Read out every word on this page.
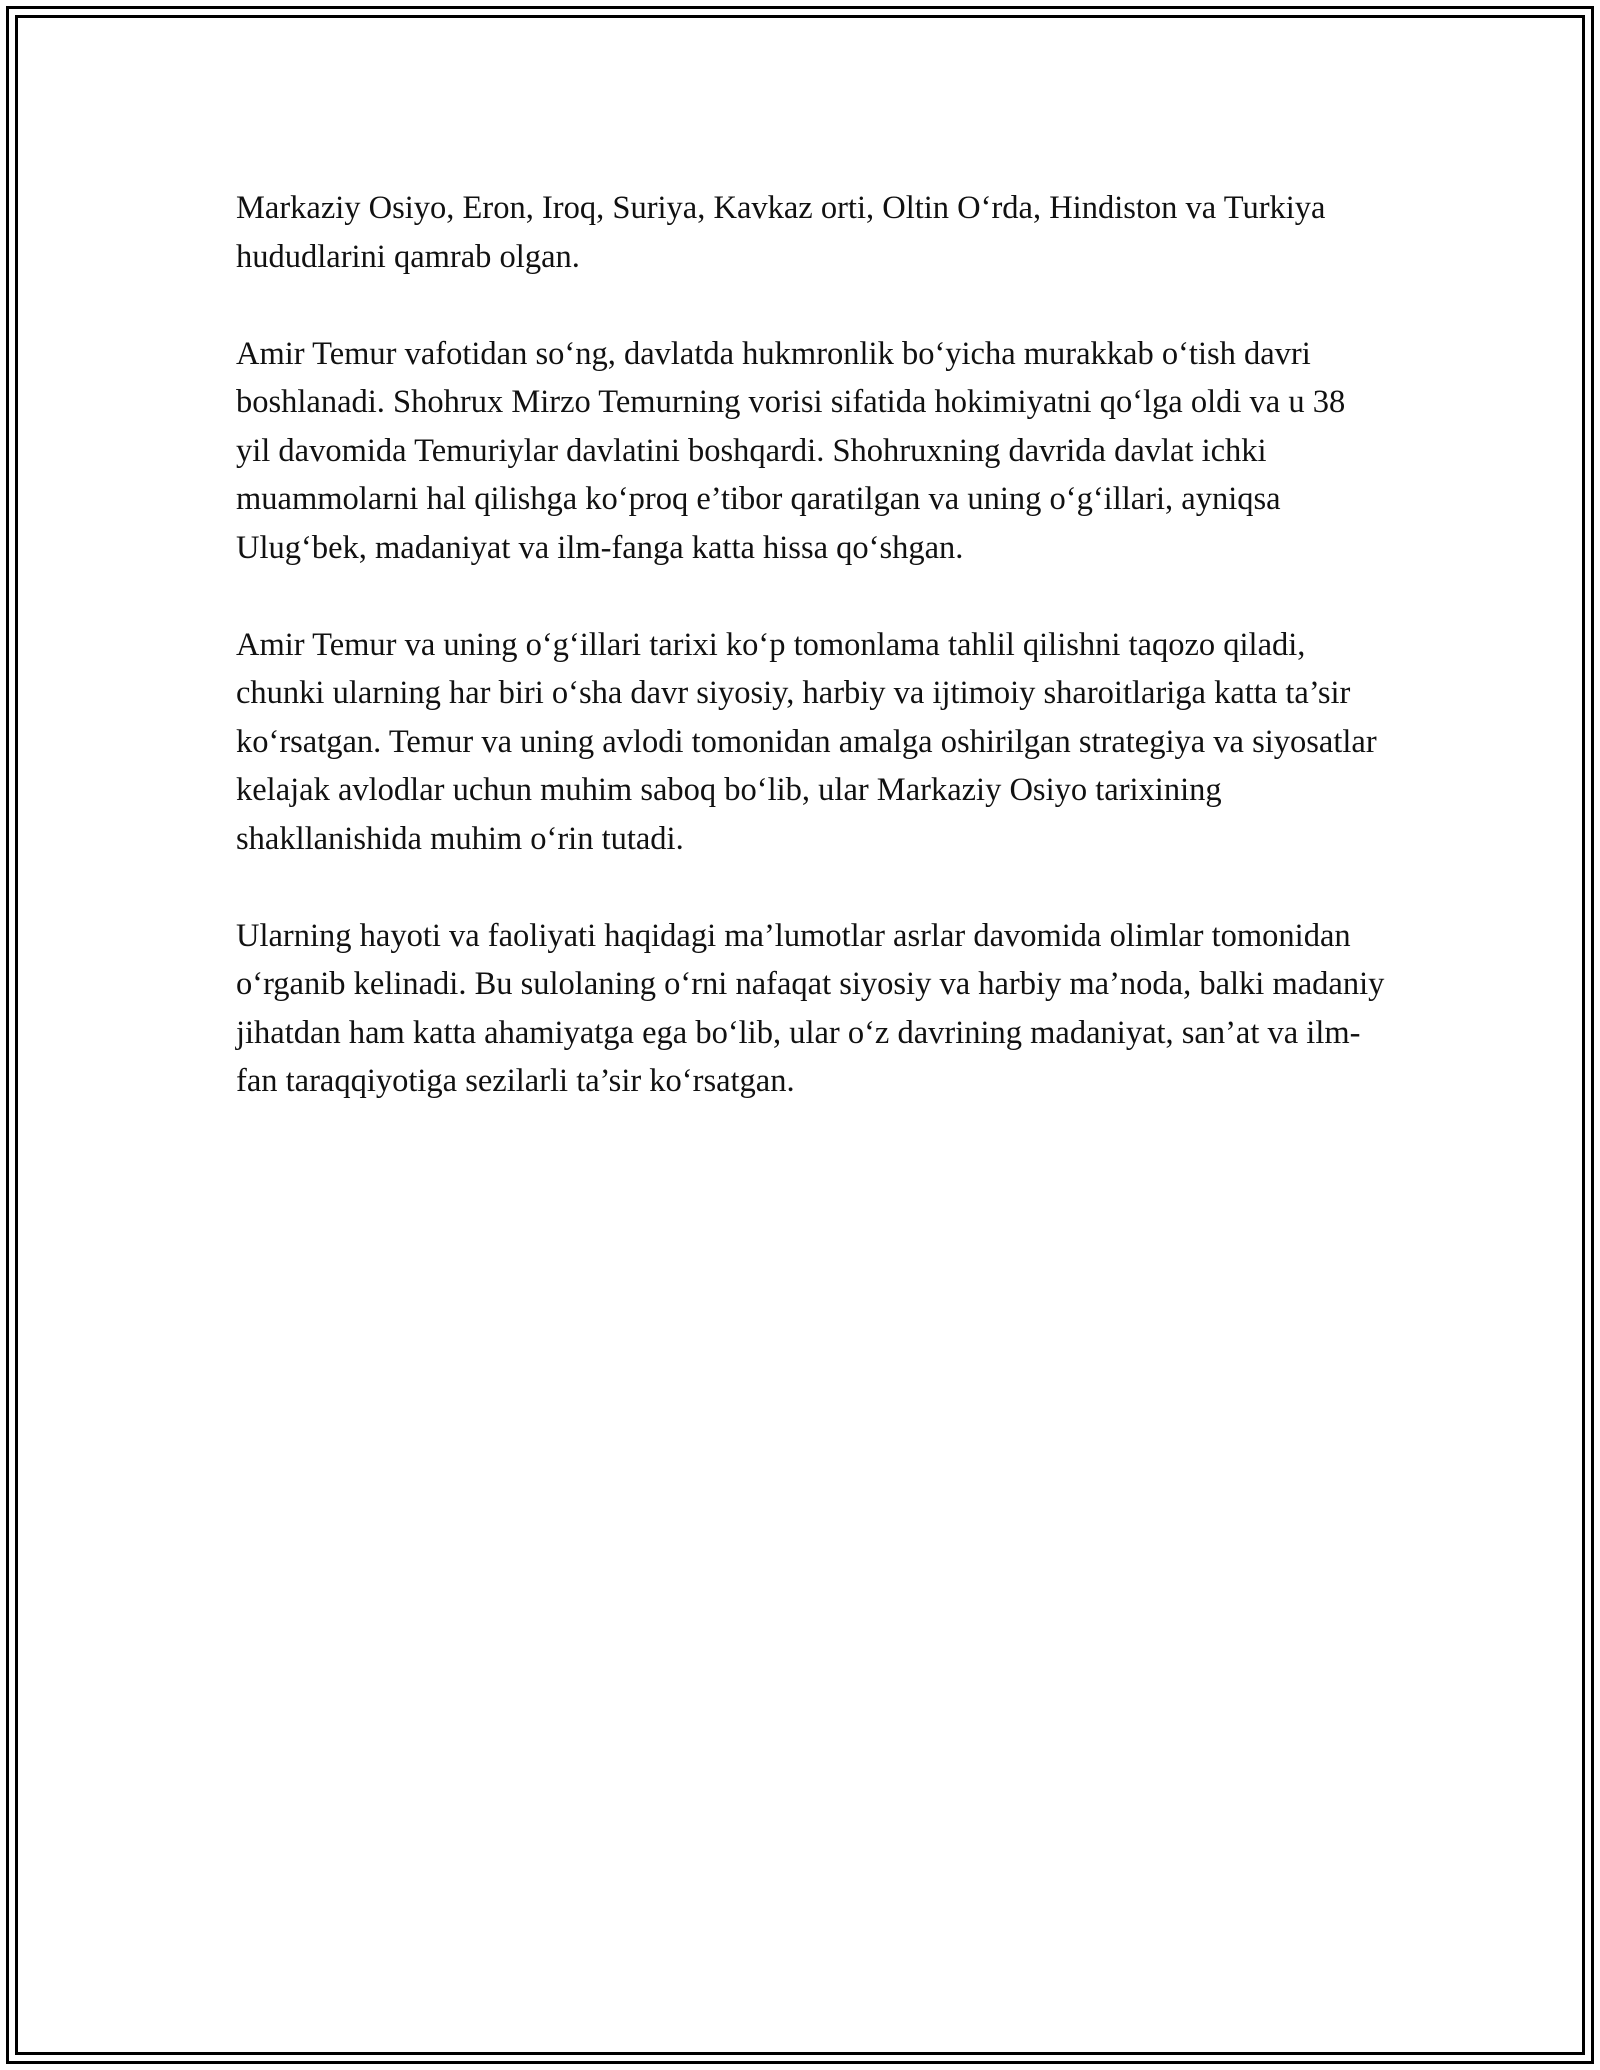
Markaziy Osiyo, Eron, Iroq, Suriya, Kavkaz orti, Oltin O‘rda, Hindiston va Turkiya hududlarini qamrab olgan.

Amir Temur vafotidan so‘ng, davlatda hukmronlik bo‘yicha murakkab o‘tish davri boshlanadi. Shohrux Mirzo Temurning vorisi sifatida hokimiyatni qo‘lga oldi va u 38 yil davomida Temuriylar davlatini boshqardi. Shohruxning davrida davlat ichki muammolarni hal qilishga ko‘proq e’tibor qaratilgan va uning o‘g‘illari, ayniqsa Ulug‘bek, madaniyat va ilm-fanga katta hissa qo‘shgan.

Amir Temur va uning o‘g‘illari tarixi ko‘p tomonlama tahlil qilishni taqozo qiladi, chunki ularning har biri o‘sha davr siyosiy, harbiy va ijtimoiy sharoitlariga katta ta’sir ko‘rsatgan. Temur va uning avlodi tomonidan amalga oshirilgan strategiya va siyosatlar kelajak avlodlar uchun muhim saboq bo‘lib, ular Markaziy Osiyo tarixining shakllanishida muhim o‘rin tutadi.

Ularning hayoti va faoliyati haqidagi ma’lumotlar asrlar davomida olimlar tomonidan o‘rganib kelinadi. Bu sulolaning o‘rni nafaqat siyosiy va harbiy ma’noda, balki madaniy jihatdan ham katta ahamiyatga ega bo‘lib, ular o‘z davrining madaniyat, san’at va ilm-fan taraqqiyotiga sezilarli ta’sir ko‘rsatgan.
